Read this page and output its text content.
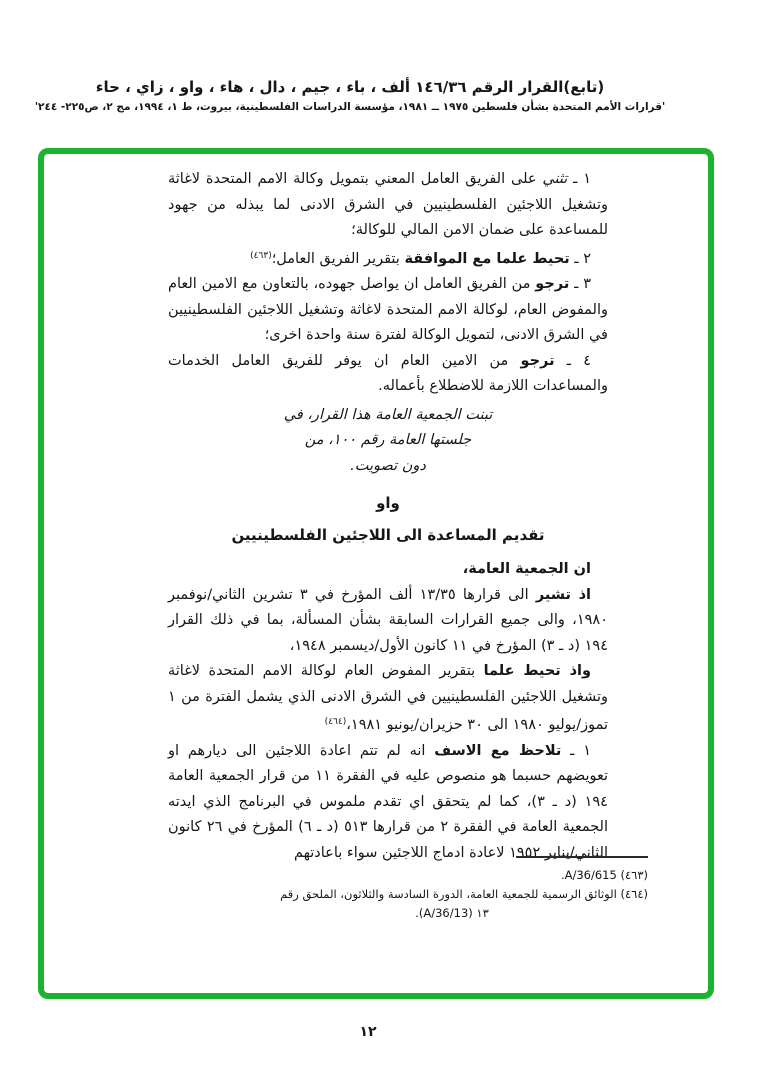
(تابع)القرار الرقم ١٤٦/٣٦ ألف ، باء ، جيم ، دال ، هاء ، واو ، زاي ، حاء

'قرارات الأمم المتحدة بشأن فلسطين ١٩٧٥ ــ ١٩٨١، مؤسسة الدراسات الفلسطينية، بيروت، ط ١، ١٩٩٤، مج ٢، ص٢٢٥- ٢٤٤'

١ ـ تثني على الفريق العامل المعني بتمويل وكالة الامم المتحدة لاغاثة وتشغيل اللاجئين الفلسطينيين في الشرق الادنى لما يبذله من جهود للمساعدة على ضمان الامن المالي للوكالة؛

٢ ـ تحيط علما مع الموافقة بتقرير الفريق العامل؛$^{(٤٦٣)}$

٣ ـ ترجو من الفريق العامل ان يواصل جهوده، بالتعاون مع الامين العام والمفوض العام، لوكالة الامم المتحدة لاغاثة وتشغيل اللاجئين الفلسطينيين في الشرق الادنى، لتمويل الوكالة لفترة سنة واحدة اخرى؛

٤ ـ ترجو من الامين العام ان يوفر للفريق العامل الخدمات والمساعدات اللازمة للاضطلاع بأعماله.

تبنت الجمعية العامة هذا القرار، في
جلستها العامة رقم ١٠٠، من
دون تصويت.
واو
تقديم المساعدة الى اللاجئين الفلسطينيين

ان الجمعية العامة،

اذ تشير الى قرارها ١٣/٣٥ ألف المؤرخ في ٣ تشرين الثاني/نوفمبر ١٩٨٠، والى جميع القرارات السابقة بشأن المسألة، بما في ذلك القرار ١٩٤ (د ـ ٣) المؤرخ في ١١ كانون الأول/ديسمبر ١٩٤٨،

واذ تحيط علما بتقرير المفوض العام لوكالة الامم المتحدة لاغاثة وتشغيل اللاجئين الفلسطينيين في الشرق الادنى الذي يشمل الفترة من ١ تموز/يوليو ١٩٨٠ الى ٣٠ حزيران/يونيو ١٩٨١،$^{(٤٦٤)}$

١ ـ تلاحظ مع الاسف انه لم تتم اعادة اللاجئين الى ديارهم او تعويضهم حسبما هو منصوص عليه في الفقرة ١١ من قرار الجمعية العامة ١٩٤ (د ـ ٣)، كما لم يتحقق اي تقدم ملموس في البرنامج الذي ايدته الجمعية العامة في الفقرة ٢ من قرارها ٥١٣ (د ـ ٦) المؤرخ في ٢٦ كانون الثاني/يناير ١٩٥٢ لاعادة ادماج اللاجئين سواء باعادتهم

(٤٦٣) A/36/615.
(٤٦٤) الوثائق الرسمية للجمعية العامة، الدورة السادسة والثلاثون، الملحق رقم
١٣ (A/36/13).
١٢
